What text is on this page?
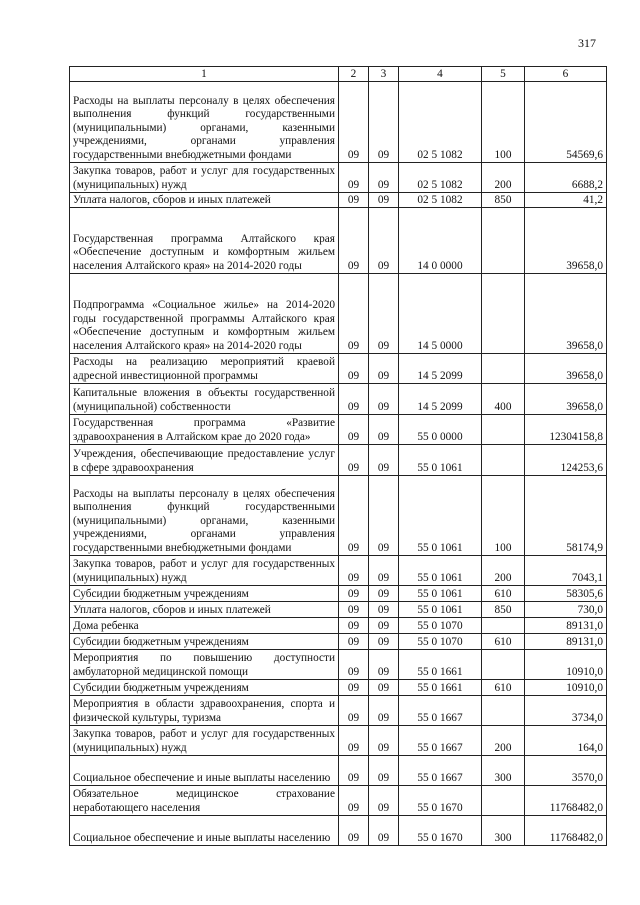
317
1	2	3	4	5	6
Расходы на выплаты персоналу в целях обеспечения выполнения функций государственными (муниципальными) органами, казенными учреждениями, органами управления государственными внебюджетными фондами	09	09	02 5 1082	100	54569,6
Закупка товаров, работ и услуг для государственных (муниципальных) нужд	09	09	02 5 1082	200	6688,2
Уплата налогов, сборов и иных платежей	09	09	02 5 1082	850	41,2
Государственная программа Алтайского края «Обеспечение доступным и комфортным жильем населения Алтайского края» на 2014-2020 годы	09	09	14 0 0000		39658,0
Подпрограмма «Социальное жилье» на 2014-2020 годы государственной программы Алтайского края «Обеспечение доступным и комфортным жильем населения Алтайского края» на 2014-2020 годы	09	09	14 5 0000		39658,0
Расходы на реализацию мероприятий краевой адресной инвестиционной программы	09	09	14 5 2099		39658,0
Капитальные вложения в объекты государственной (муниципальной) собственности	09	09	14 5 2099	400	39658,0
Государственная программа «Развитие здравоохранения в Алтайском крае до 2020 года»	09	09	55 0 0000		12304158,8
Учреждения, обеспечивающие предоставление услуг в сфере здравоохранения	09	09	55 0 1061		124253,6
Расходы на выплаты персоналу в целях обеспечения выполнения функций государственными (муниципальными) органами, казенными учреждениями, органами управления государственными внебюджетными фондами	09	09	55 0 1061	100	58174,9
Закупка товаров, работ и услуг для государственных (муниципальных) нужд	09	09	55 0 1061	200	7043,1
Субсидии бюджетным учреждениям	09	09	55 0 1061	610	58305,6
Уплата налогов, сборов и иных платежей	09	09	55 0 1061	850	730,0
Дома ребенка	09	09	55 0 1070		89131,0
Субсидии бюджетным учреждениям	09	09	55 0 1070	610	89131,0
Мероприятия по повышению доступности амбулаторной медицинской помощи	09	09	55 0 1661		10910,0
Субсидии бюджетным учреждениям	09	09	55 0 1661	610	10910,0
Мероприятия в области здравоохранения, спорта и физической культуры, туризма	09	09	55 0 1667		3734,0
Закупка товаров, работ и услуг для государственных (муниципальных) нужд	09	09	55 0 1667	200	164,0
Социальное обеспечение и иные выплаты населению	09	09	55 0 1667	300	3570,0
Обязательное медицинское страхование неработающего населения	09	09	55 0 1670		11768482,0
Социальное обеспечение и иные выплаты населению	09	09	55 0 1670	300	11768482,0
